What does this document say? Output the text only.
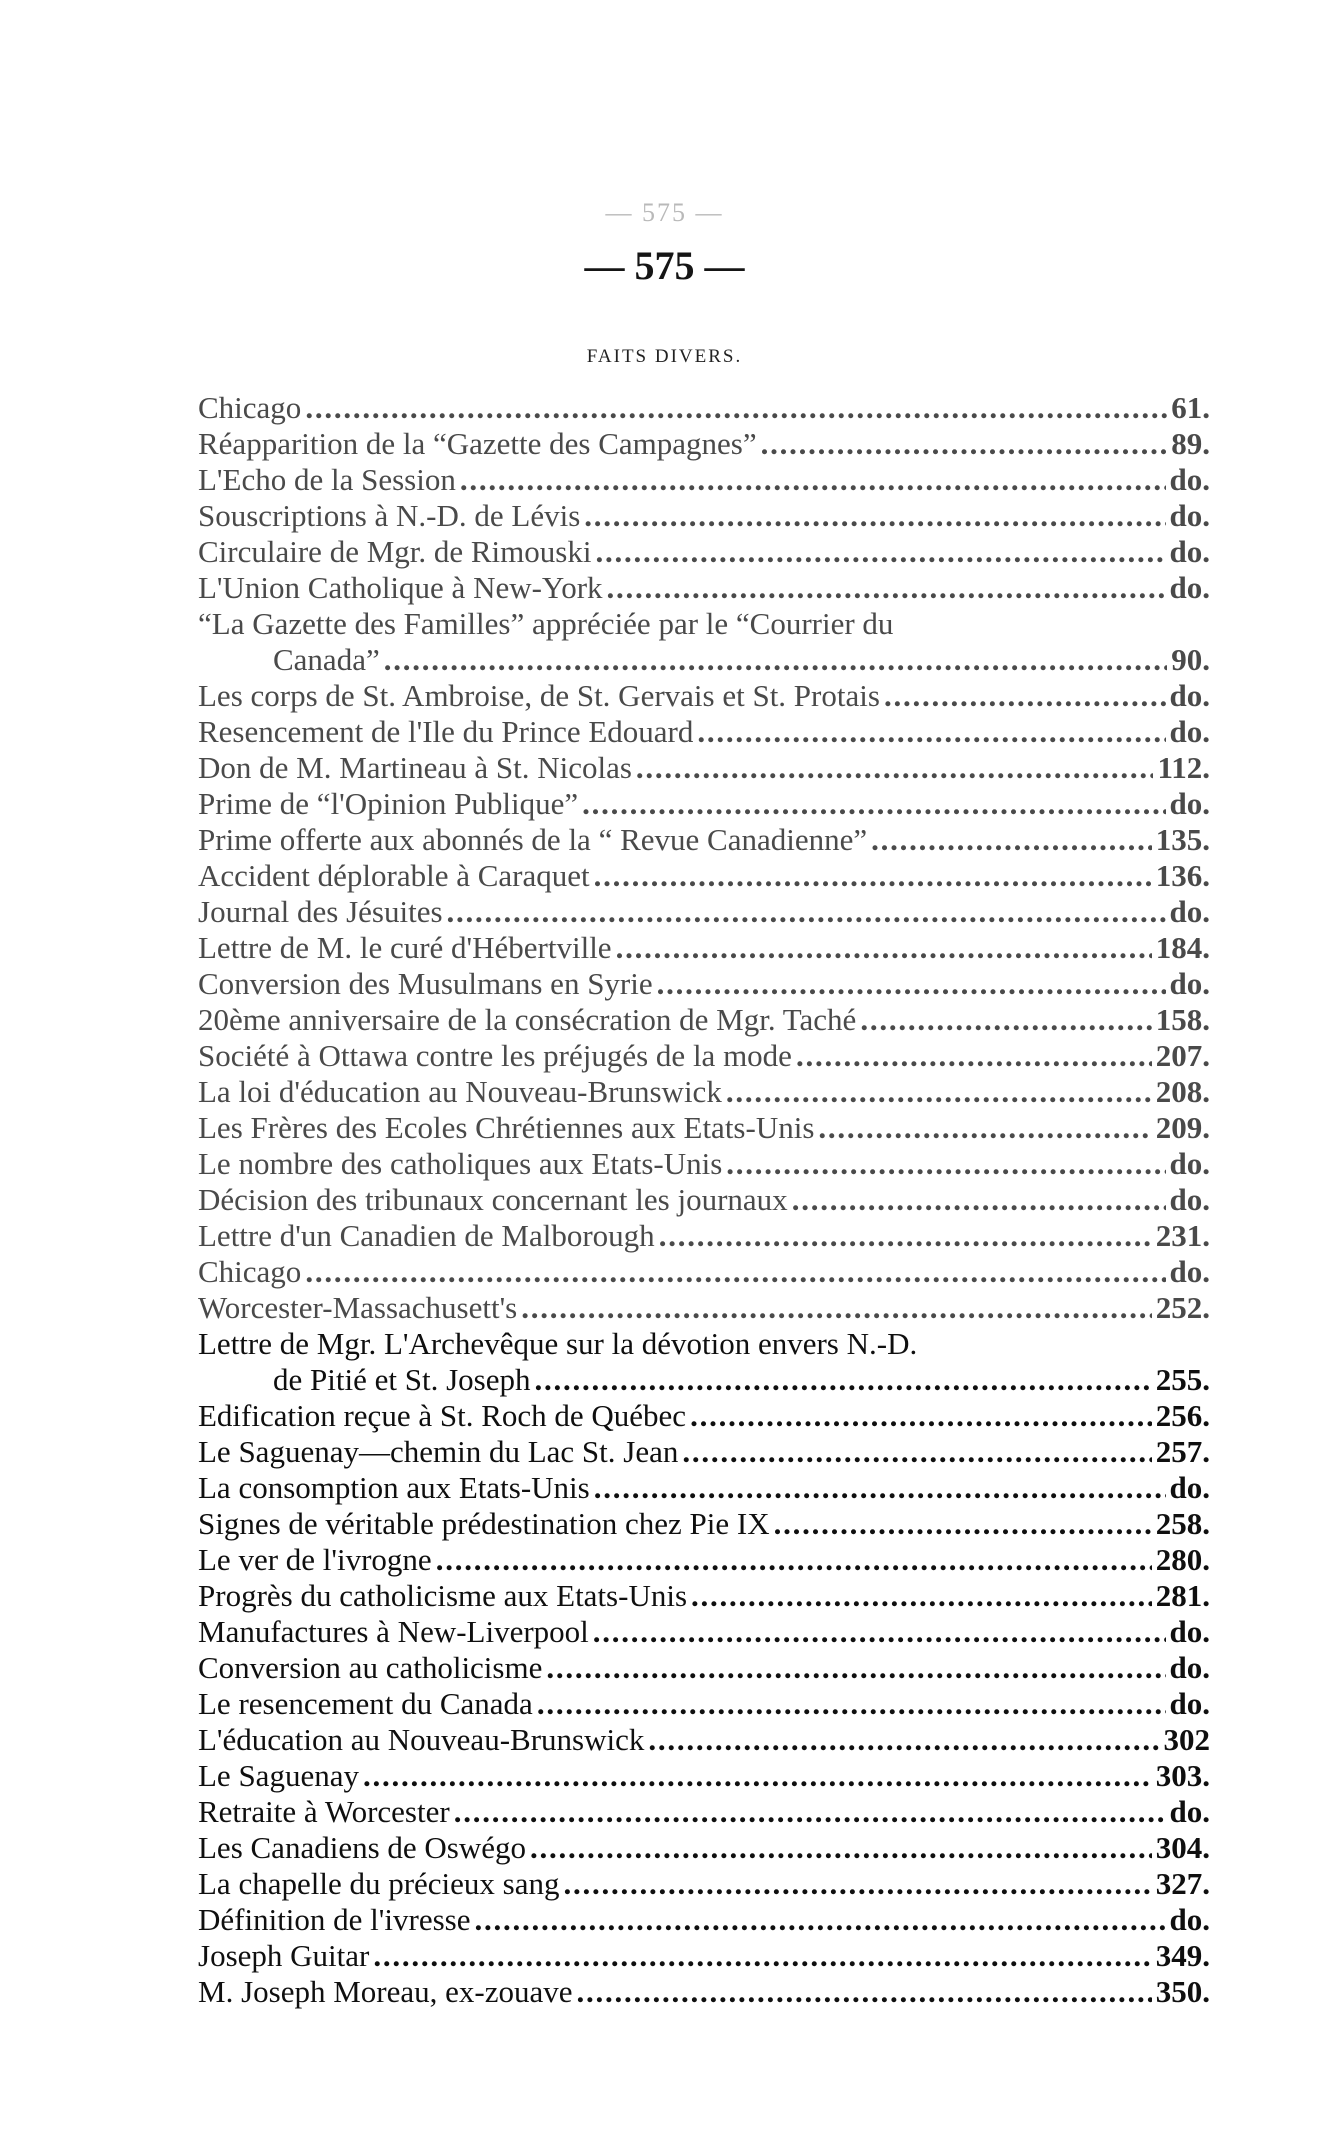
— 575 —
— 575 —
FAITS DIVERS.
Chicago . . .	61.
Réapparition de la “Gazette des Campagnes” . . .	89.
L'Echo de la Session . . .	do.
Souscriptions à N.-D. de Lévis . . .	do.
Circulaire de Mgr. de Rimouski . . .	do.
L'Union Catholique à New-York . . .	do.
“La Gazette des Familles” appréciée par le “Courrier du
Canada” . . .	90.
Les corps de St. Ambroise, de St. Gervais et St. Protais . . .	do.
Resencement de l'Ile du Prince Edouard . . .	do.
Don de M. Martineau à St. Nicolas . . .	112.
Prime de “l'Opinion Publique” . . .	do.
Prime offerte aux abonnés de la “ Revue Canadienne” . . .	135.
Accident déplorable à Caraquet . . .	136.
Journal des Jésuites . . .	do.
Lettre de M. le curé d'Hébertville . . .	184.
Conversion des Musulmans en Syrie . . .	do.
20ème anniversaire de la consécration de Mgr. Taché . . .	158.
Société à Ottawa contre les préjugés de la mode . . .	207.
La loi d'éducation au Nouveau-Brunswick . . .	208.
Les Frères des Ecoles Chrétiennes aux Etats-Unis . . .	209.
Le nombre des catholiques aux Etats-Unis . . .	do.
Décision des tribunaux concernant les journaux . . .	do.
Lettre d'un Canadien de Malborough . . .	231.
Chicago . . .	do.
Worcester-Massachusett's . . .	252.
Lettre de Mgr. L'Archevêque sur la dévotion envers N.-D.
de Pitié et St. Joseph . . .	255.
Edification reçue à St. Roch de Québec . . .	256.
Le Saguenay—chemin du Lac St. Jean . . .	257.
La consomption aux Etats-Unis . . .	do.
Signes de véritable prédestination chez Pie IX . . .	258.
Le ver de l'ivrogne . . .	280.
Progrès du catholicisme aux Etats-Unis . . .	281.
Manufactures à New-Liverpool . . .	do.
Conversion au catholicisme . . .	do.
Le resencement du Canada . . .	do.
L'éducation au Nouveau-Brunswick . . .	302
Le Saguenay . . .	303.
Retraite à Worcester . . .	do.
Les Canadiens de Oswégo . . .	304.
La chapelle du précieux sang . . .	327.
Définition de l'ivresse . . .	do.
Joseph Guitar . . .	349.
M. Joseph Moreau, ex-zouave . . .	350.
